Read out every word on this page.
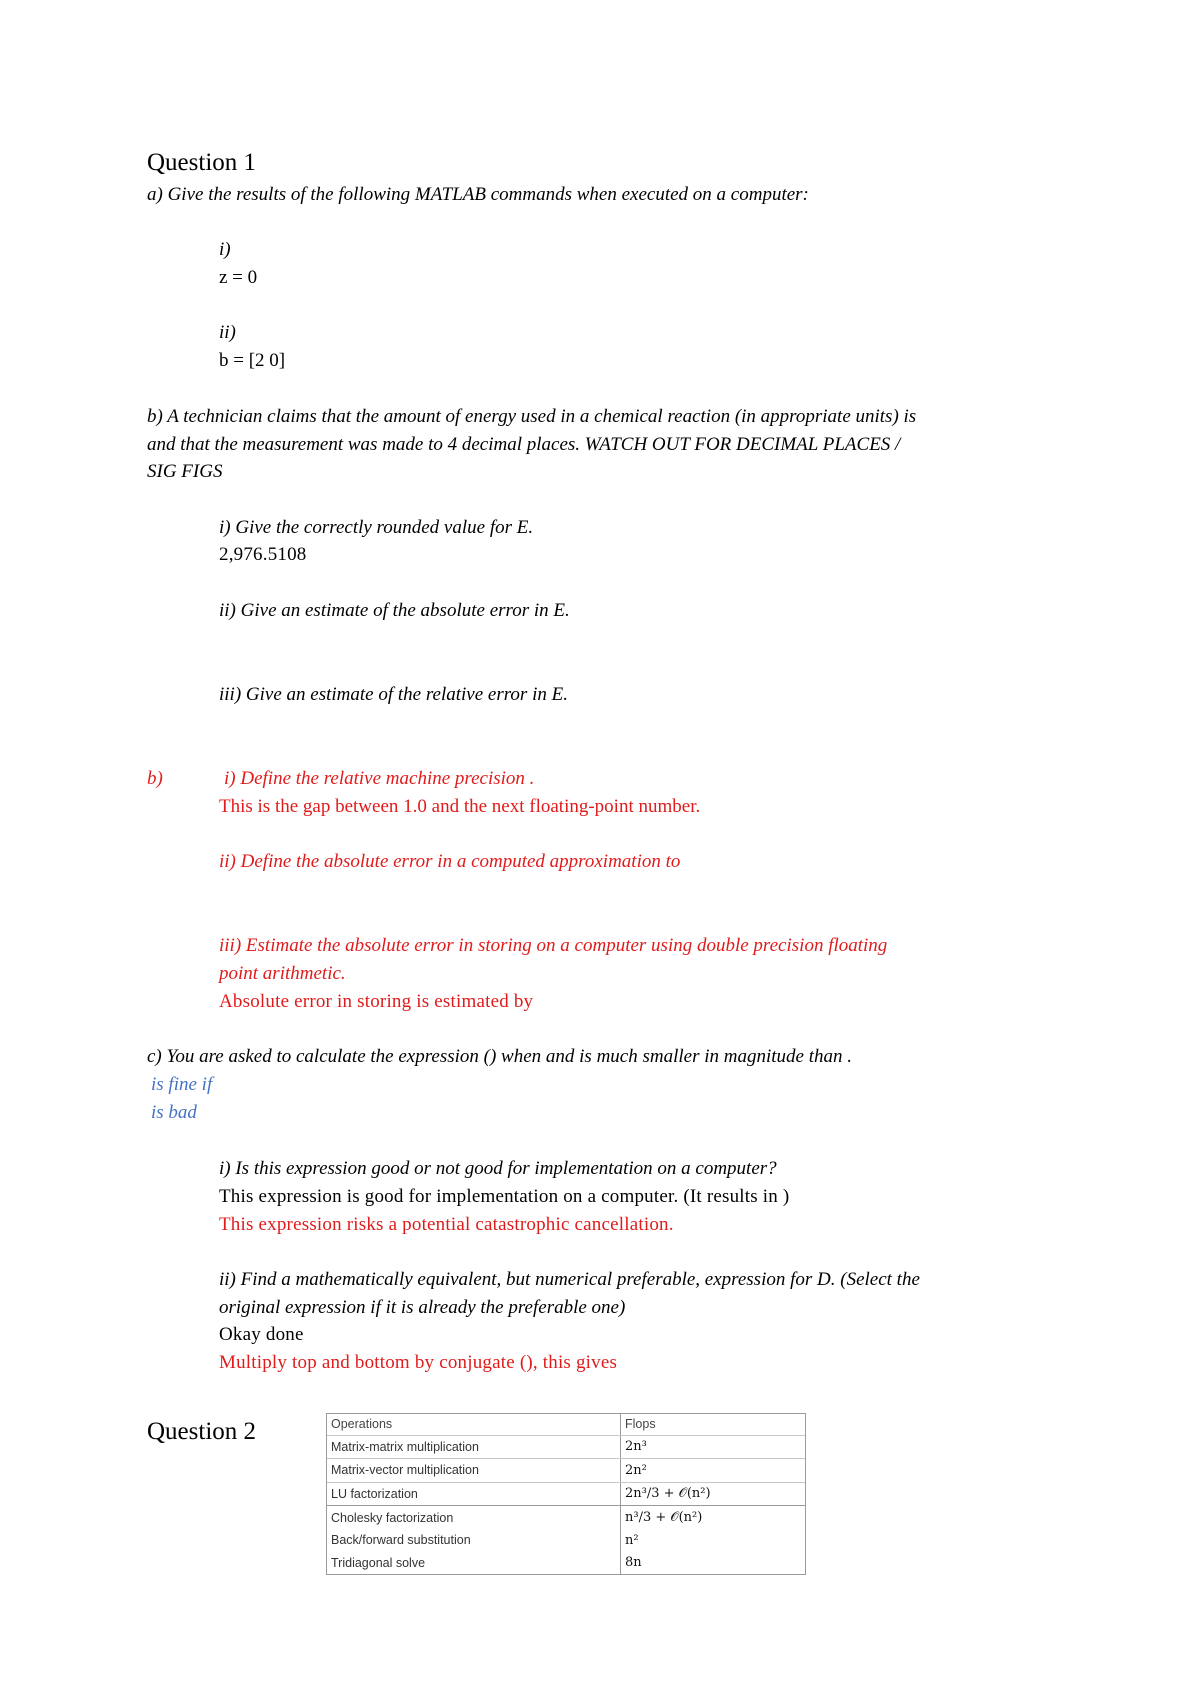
Question 1
a) Give the results of the following MATLAB commands when executed on a computer:
i)
z = 0
ii)
b = [2 0]
b) A technician claims that the amount of energy used in a chemical reaction (in appropriate units) is
and that the measurement was made to 4 decimal places. WATCH OUT FOR DECIMAL PLACES /
SIG FIGS
i) Give the correctly rounded value for E.
2,976.5108
ii) Give an estimate of the absolute error in E.
iii) Give an estimate of the relative error in E.
b)	i) Define the relative machine precision .
This is the gap between 1.0 and the next floating-point number.
ii) Define the absolute error in a computed approximation to
iii) Estimate the absolute error in storing on a computer using double precision floating
point arithmetic.
Absolute error in storing is estimated by
c) You are asked to calculate the expression () when and is much smaller in magnitude than .
is fine if
is bad
i) Is this expression good or not good for implementation on a computer?
This expression is good for implementation on a computer. (It results in )
This expression risks a potential catastrophic cancellation.
ii) Find a mathematically equivalent, but numerical preferable, expression for D. (Select the
original expression if it is already the preferable one)
Okay done
Multiply top and bottom by conjugate (), this gives
Question 2	Operations	Flops
Matrix-matrix multiplication	2n³
Matrix-vector multiplication	2n²
LU factorization	2n³/3 + 𝒪(n²)
Cholesky factorization	n³/3 + 𝒪(n²)
Back/forward substitution	n²
Tridiagonal solve	8n
